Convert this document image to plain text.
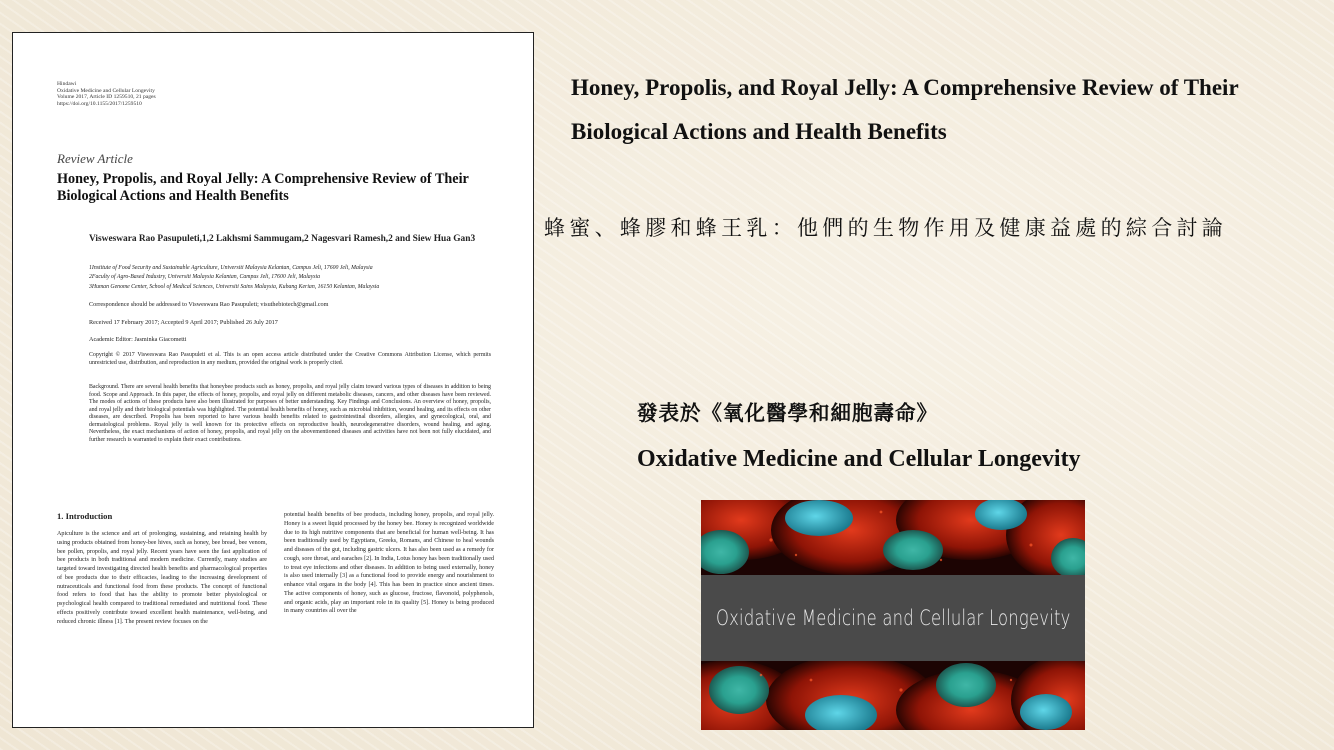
Hindawi
Oxidative Medicine and Cellular Longevity
Volume 2017, Article ID 1259510, 21 pages
https://doi.org/10.1155/2017/1259510
Review Article
Honey, Propolis, and Royal Jelly: A Comprehensive Review of Their Biological Actions and Health Benefits
Visweswara Rao Pasupuleti,1,2 Lakhsmi Sammugam,2 Nagesvari Ramesh,2 and Siew Hua Gan3
1Institute of Food Security and Sustainable Agriculture, Universiti Malaysia Kelantan, Campus Jeli, 17600 Jeli, Malaysia
2Faculty of Agro-Based Industry, Universiti Malaysia Kelantan, Campus Jeli, 17600 Jeli, Malaysia
3Human Genome Center, School of Medical Sciences, Universiti Sains Malaysia, Kubang Kerian, 16150 Kelantan, Malaysia
Correspondence should be addressed to Visweswara Rao Pasupuleti; visuthebiotech@gmail.com
Received 17 February 2017; Accepted 9 April 2017; Published 26 July 2017
Academic Editor: Jasminka Giacometti
Copyright © 2017 Visweswara Rao Pasupuleti et al. This is an open access article distributed under the Creative Commons Attribution License, which permits unrestricted use, distribution, and reproduction in any medium, provided the original work is properly cited.
Background. There are several health benefits that honeybee products such as honey, propolis, and royal jelly claim toward various types of diseases in addition to being food. Scope and Approach. In this paper, the effects of honey, propolis, and royal jelly on different metabolic diseases, cancers, and other diseases have been reviewed. The modes of actions of these products have also been illustrated for purposes of better understanding. Key Findings and Conclusions. An overview of honey, propolis, and royal jelly and their biological potentials was highlighted. The potential health benefits of honey, such as microbial inhibition, wound healing, and its effects on other diseases, are described. Propolis has been reported to have various health benefits related to gastrointestinal disorders, allergies, and gynecological, oral, and dermatological problems. Royal jelly is well known for its protective effects on reproductive health, neurodegenerative disorders, wound healing, and aging. Nevertheless, the exact mechanisms of action of honey, propolis, and royal jelly on the abovementioned diseases and activities have not been not fully elucidated, and further research is warranted to explain their exact contributions.
1. Introduction
Apiculture is the science and art of prolonging, sustaining, and retaining health by using products obtained from honey-bee hives, such as honey, bee bread, bee venom, bee pollen, propolis, and royal jelly. Recent years have seen the fast application of bee products in both traditional and modern medicine. Currently, many studies are targeted toward investigating directed health benefits and pharmacological properties of bee products due to their efficacies, leading to the increasing development of nutraceuticals and functional food from these products. The concept of functional food refers to food that has the ability to promote better physiological or psychological health compared to traditional remediated and nutritional food. These effects positively contribute toward excellent health maintenance, well-being, and reduced chronic illness [1]. The present review focuses on the
potential health benefits of bee products, including honey, propolis, and royal jelly. Honey is a sweet liquid processed by the honey bee. Honey is recognized worldwide due to its high nutritive components that are beneficial for human well-being. It has been traditionally used by Egyptians, Greeks, Romans, and Chinese to heal wounds and diseases of the gut, including gastric ulcers. It has also been used as a remedy for cough, sore throat, and earaches [2]. In India, Lotus honey has been traditionally used to treat eye infections and other diseases. In addition to being used externally, honey is also used internally [3] as a functional food to provide energy and nourishment to enhance vital organs in the body [4]. This has been in practice since ancient times. The active components of honey, such as glucose, fructose, flavonoid, polyphenols, and organic acids, play an important role in its quality [5]. Honey is being produced in many countries all over the
Honey, Propolis, and Royal Jelly: A Comprehensive Review of Their Biological Actions and Health Benefits
蜂蜜、蜂膠和蜂王乳：他們的生物作用及健康益處的綜合討論
發表於《氧化醫學和細胞壽命》
Oxidative Medicine and Cellular Longevity
Oxidative Medicine and Cellular Longevity
